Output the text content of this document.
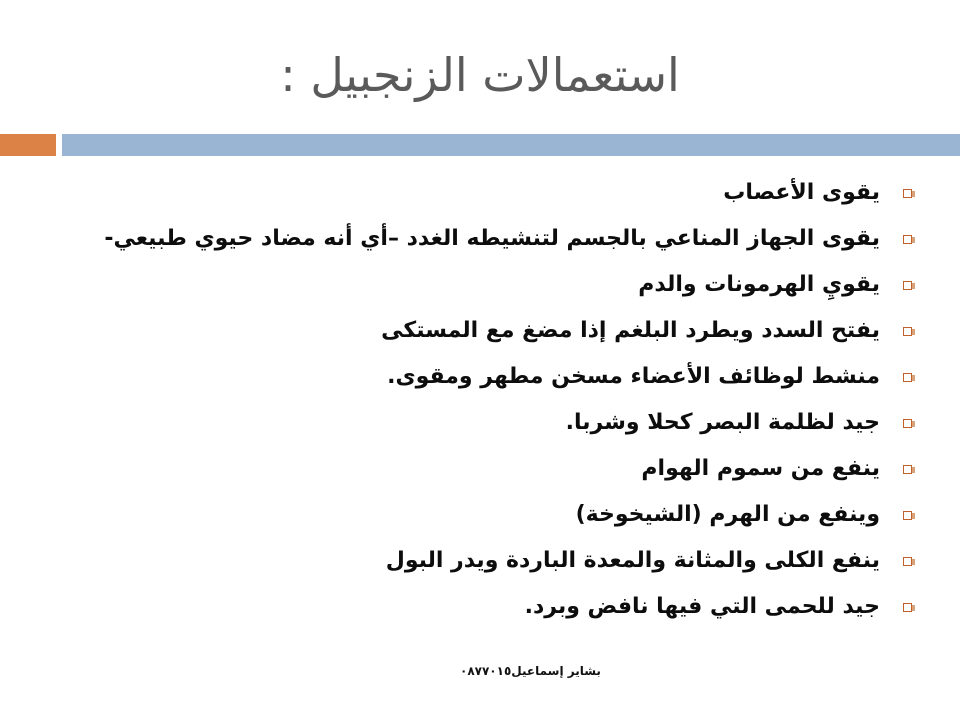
استعمالات الزنجبيل :
يقوى الأعصاب
يقوى الجهاز المناعي بالجسم لتنشيطه الغدد –أي أنه مضاد حيوي طبيعي-
يقويِ الهرمونات والدم
يفتح السدد ويطرد البلغم إذا مضغ مع المستكى
منشط لوظائف الأعضاء مسخن مطهر ومقوى.
جيد لظلمة البصر كحلا وشربا.
ينفع من سموم الهوام
وينفع من الهرم (الشيخوخة)
ينفع الكلى والمثانة والمعدة الباردة ويدر البول
جيد للحمى التي فيها نافض وبرد.
بشاير إسماعيل٠٨٧٧٠١٥
